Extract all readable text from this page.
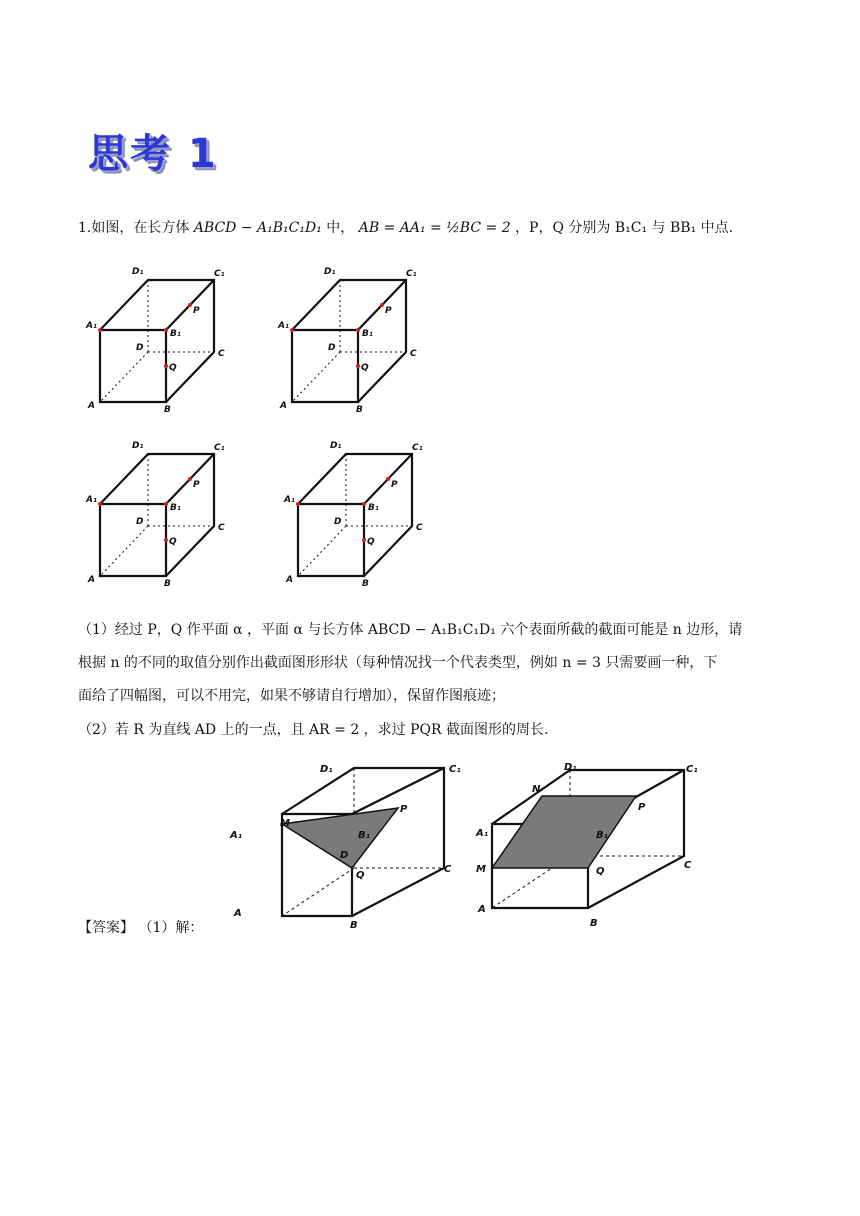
思考 1
1.如图，在长方体 ABCD − A₁B₁C₁D₁ 中， AB = AA₁ = ½BC = 2 ，P，Q 分别为 B₁C₁ 与 BB₁ 中点.
D₁	C₁
A₁
B₁
P
D
C
Q
A	B
D₁	C₁
A₁
B₁
P
D
C
Q
A	B
D₁	C₁
A₁
B₁
P
D
C
Q
A	B
D₁	C₁
A₁
B₁
P
D
C
Q
A	B
（1）经过 P，Q 作平面 α ，平面 α 与长方体 ABCD − A₁B₁C₁D₁ 六个表面所截的截面可能是 n 边形，请
根据 n 的不同的取值分别作出截面图形形状（每种情况找一个代表类型，例如 n = 3 只需要画一种，下
面给了四幅图，可以不用完，如果不够请自行增加），保留作图痕迹；
（2）若 R 为直线 AD 上的一点，且 AR = 2 ，求过 PQR 截面图形的周长.
A₁
D₁	C₁
M
P
B₁
D
Q
C
A
B
D₁	C₁
N
P
A₁	B₁
M	Q
C
A
B
【答案】 （1）解：
